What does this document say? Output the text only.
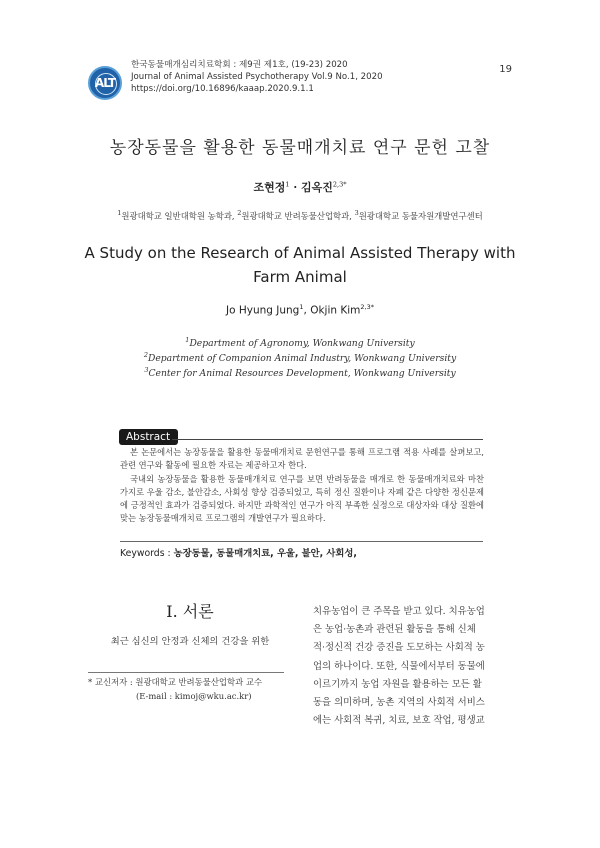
ALT
한국동물매개심리치료학회 : 제9권 제1호, (19-23) 2020
Journal of Animal Assisted Psychotherapy Vol.9 No.1, 2020
https://doi.org/10.16896/kaaap.2020.9.1.1
19
농장동물을 활용한 동물매개치료 연구 문헌 고찰
조현정$^1$ · 김옥진$^{2,3*}$
$^1$원광대학교 일반대학원 농학과, $^2$원광대학교 반려동물산업학과, $^3$원광대학교 동물자원개발연구센터
A Study on the Research of Animal Assisted Therapy with Farm Animal
Jo Hyung Jung$^1$, Okjin Kim$^{2,3*}$
$^1$Department of Agronomy, Wonkwang University
$^2$Department of Companion Animal Industry, Wonkwang University
$^3$Center for Animal Resources Development, Wonkwang University
Abstract

본 논문에서는 농장동물을 활용한 동물매개치료 문헌연구를 통해 프로그램 적용 사례를 살펴보고, 관련 연구와 활동에 필요한 자료는 제공하고자 한다.

국내외 농장동물을 활용한 동물매개치료 연구를 보면 반려동물을 매개로 한 동물매개치료와 마찬가지로 우울 감소, 불안감소, 사회성 향상 검증되었고, 특히 정신 질환이나 자폐 같은 다양한 정신문제에 긍정적인 효과가 검증되었다. 하지만 과학적인 연구가 아직 부족한 실정으로 대상자와 대상 질환에 맞는 농장동물매개치료 프로그램의 개발연구가 필요하다.

Keywords : 농장동물, 동물매개치료, 우울, 불안, 사회성,
I. 서론
최근 심신의 안정과 신체의 건강을 위한
* 교신저자 : 원광대학교 반려동물산업학과 교수
(E-mail : kimoj@wku.ac.kr)
치유농업이 큰 주목을 받고 있다. 치유농업
은 농업·농촌과 관련된 활동을 통해 신체
적·정신적 건강 증진을 도모하는 사회적 농
업의 하나이다. 또한, 식물에서부터 동물에
이르기까지 농업 자원을 활용하는 모든 활
동을 의미하며, 농촌 지역의 사회적 서비스
에는 사회적 복귀, 치료, 보호 작업, 평생교
